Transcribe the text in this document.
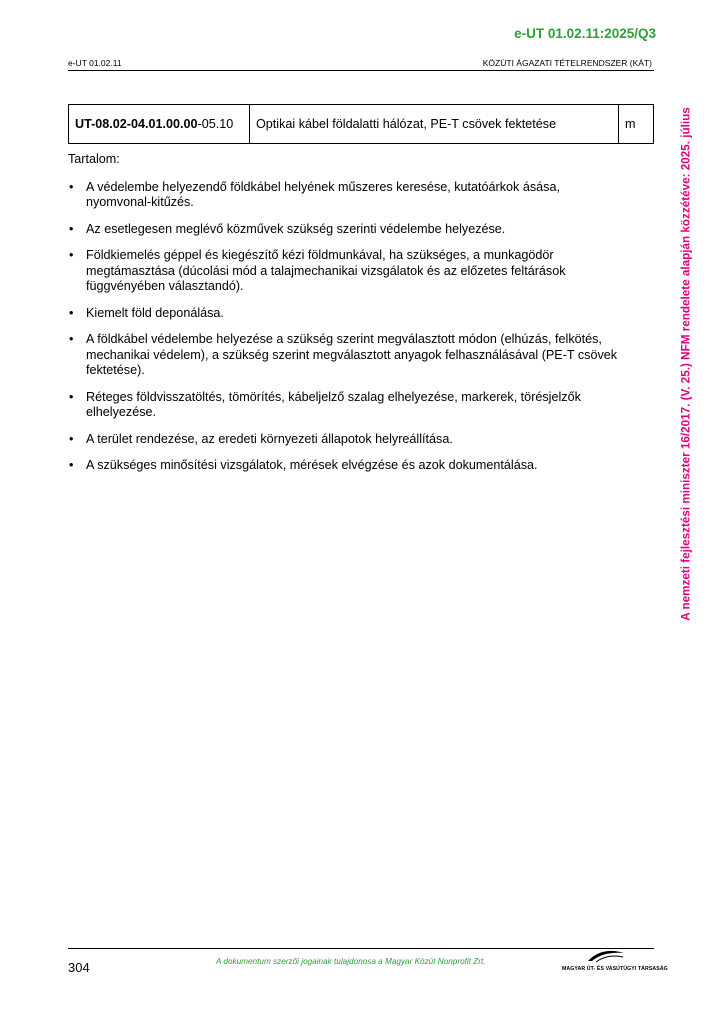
e-UT 01.02.11:2025/Q3
e-UT 01.02.11	KÖZÚTI ÁGAZATI TÉTELRENDSZER (KÁT)
UT-08.02-04.01.00.00-05.10	Optikai kábel földalatti hálózat, PE-T csövek fektetése	m
Tartalom:
• A védelembe helyezendő földkábel helyének műszeres keresése, kutatóárkok ásása, nyomvonal-kitűzés.
• Az esetlegesen meglévő közművek szükség szerinti védelembe helyezése.
• Földkiemelés géppel és kiegészítő kézi földmunkával, ha szükséges, a munkagödör megtámasztása (dúcolási mód a talajmechanikai vizsgálatok és az előzetes feltárások függvényében választandó).
• Kiemelt föld deponálása.
• A földkábel védelembe helyezése a szükség szerint megválasztott módon (elhúzás, felkötés, mechanikai védelem), a szükség szerint megválasztott anyagok felhasználásával (PE-T csövek fektetése).
• Réteges földvisszatöltés, tömörítés, kábeljelző szalag elhelyezése, markerek, törésjelzők elhelyezése.
• A terület rendezése, az eredeti környezeti állapotok helyreállítása.
• A szükséges minősítési vizsgálatok, mérések elvégzése és azok dokumentálása.	A nemzeti fejlesztési miniszter 16/2017. (V. 25.) NFM rendelete alapján közzétéve: 2025. július
304	A dokumentum szerzői jogainak tulajdonosa a Magyar Közút Nonprofit Zrt.
MAGYAR ÚT- ÉS VASÚTÜGYI TÁRSASÁG
